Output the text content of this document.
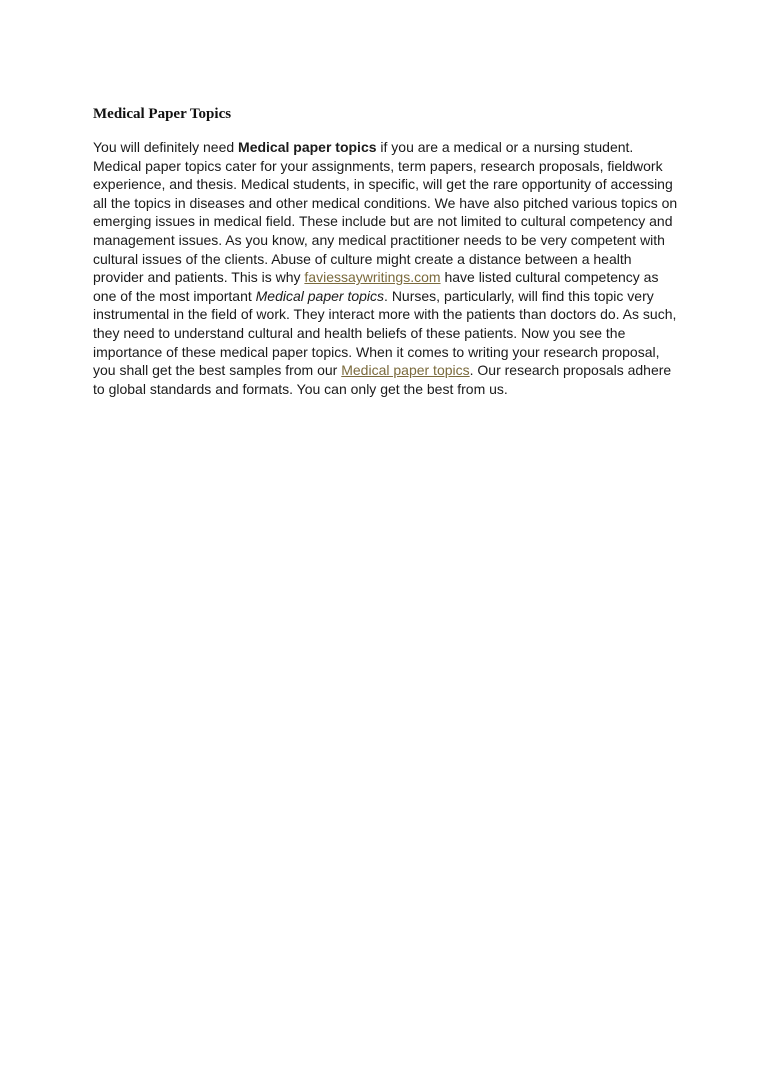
Medical Paper Topics

You will definitely need Medical paper topics if you are a medical or a nursing student. Medical paper topics cater for your assignments, term papers, research proposals, fieldwork experience, and thesis. Medical students, in specific, will get the rare opportunity of accessing all the topics in diseases and other medical conditions. We have also pitched various topics on emerging issues in medical field. These include but are not limited to cultural competency and management issues. As you know, any medical practitioner needs to be very competent with cultural issues of the clients. Abuse of culture might create a distance between a health provider and patients. This is why faviessaywritings.com have listed cultural competency as one of the most important Medical paper topics. Nurses, particularly, will find this topic very instrumental in the field of work. They interact more with the patients than doctors do. As such, they need to understand cultural and health beliefs of these patients. Now you see the importance of these medical paper topics. When it comes to writing your research proposal, you shall get the best samples from our Medical paper topics. Our research proposals adhere to global standards and formats. You can only get the best from us.
